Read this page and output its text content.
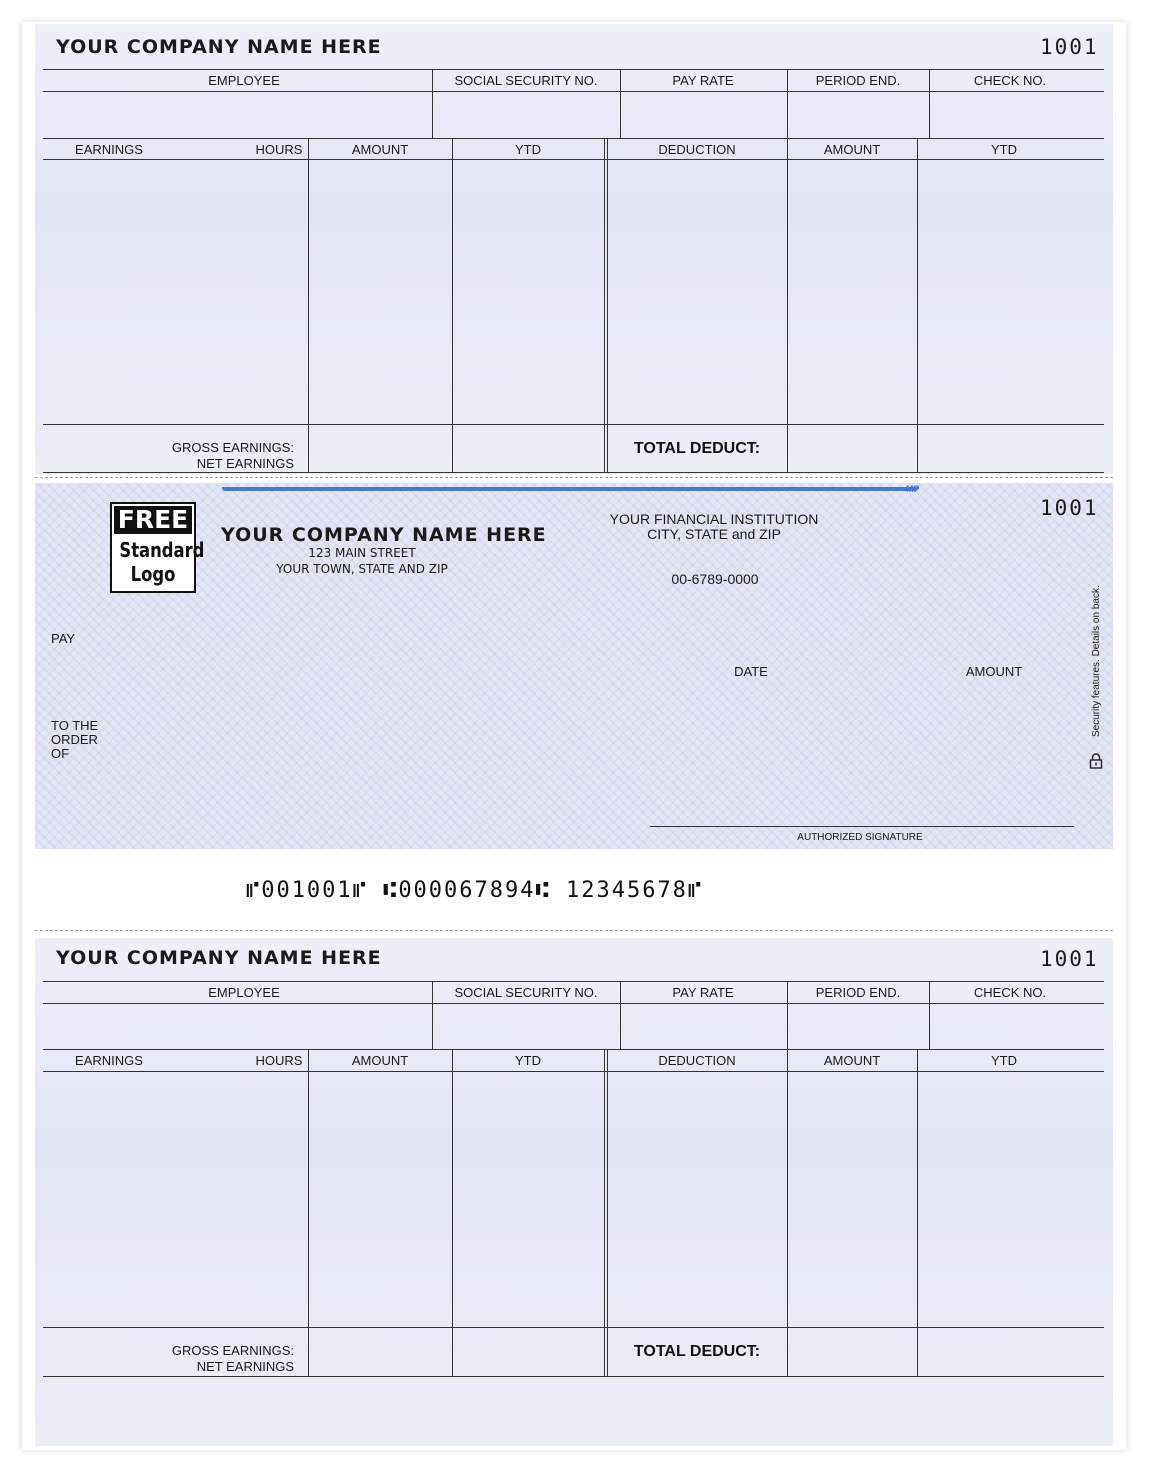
YOUR COMPANY NAME HERE	1001
EMPLOYEE	SOCIAL SECURITY NO.	PAY RATE	PERIOD END.	CHECK NO.
EARNINGS	HOURS	AMOUNT	YTD	DEDUCTION	AMOUNT	YTD
GROSS EARNINGS:
NET EARNINGS
TOTAL DEDUCT:
MP
FREE
Standard
Logo
YOUR COMPANY NAME HERE
123 MAIN STREET
YOUR TOWN, STATE AND ZIP
YOUR FINANCIAL INSTITUTION
CITY, STATE and ZIP
00-6789-0000
1001
PAY
TO THE
ORDER
OF
DATE	AMOUNT
AUTHORIZED SIGNATURE
Security features. Details on back.
⑈001001⑈ ⑆000067894⑆ 12345678⑈
YOUR COMPANY NAME HERE	1001
EMPLOYEE	SOCIAL SECURITY NO.	PAY RATE	PERIOD END.	CHECK NO.
EARNINGS	HOURS	AMOUNT	YTD	DEDUCTION	AMOUNT	YTD
GROSS EARNINGS:
NET EARNINGS
TOTAL DEDUCT:
